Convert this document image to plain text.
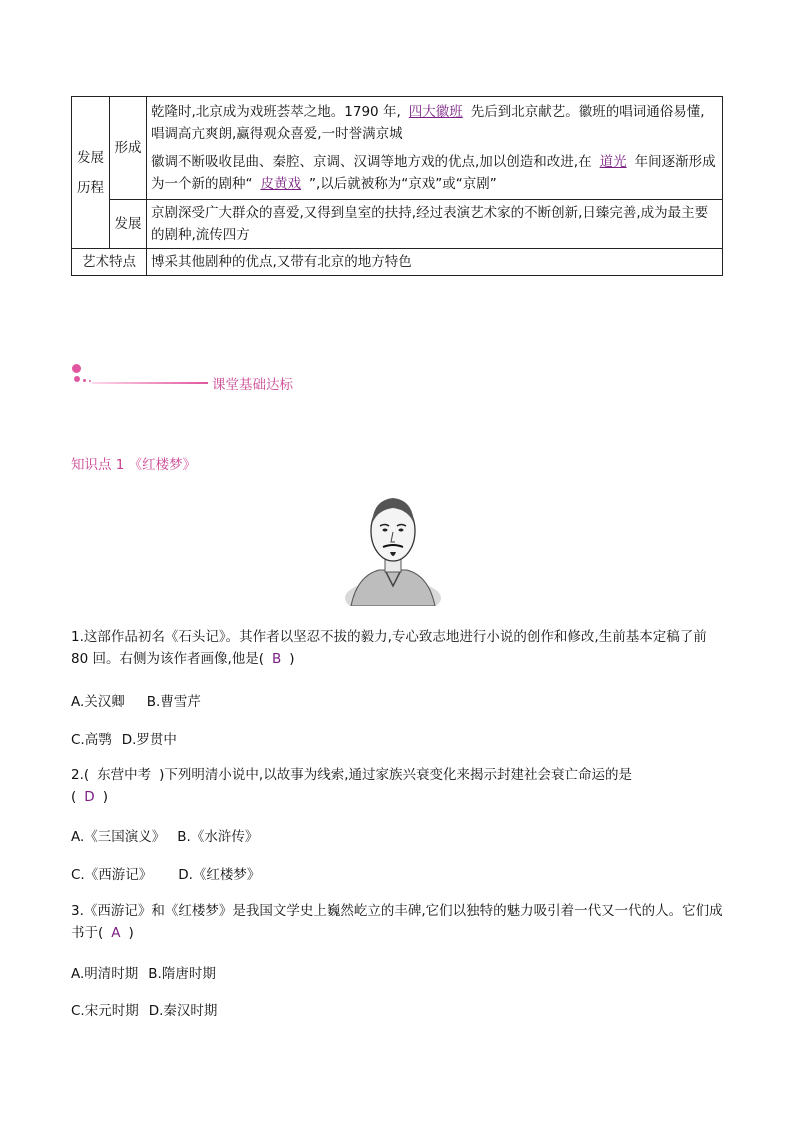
发展历程	形成	乾隆时,北京成为戏班荟萃之地。1790 年, 四大徽班 先后到北京献艺。徽班的唱词通俗易懂,唱调高亢爽朗,赢得观众喜爱,一时誉满京城
徽调不断吸收昆曲、秦腔、京调、汉调等地方戏的优点,加以创造和改进,在 道光 年间逐渐形成为一个新的剧种“ 皮黄戏 ”,以后就被称为“京戏”或“京剧”

	发展	京剧深受广大群众的喜爱,又得到皇室的扶持,经过表演艺术家的不断创新,日臻完善,成为最主要的剧种,流传四方
艺术特点		博采其他剧种的优点,又带有北京的地方特色
课堂基础达标
知识点 1 《红楼梦》
1.这部作品初名《石头记》。其作者以坚忍不拔的毅力,专心致志地进行小说的创作和修改,生前基本定稿了前 80 回。右侧为该作者画像,他是( B )
A.关汉卿 B.曹雪芹
C.高鹗 D.罗贯中
2.( 东营中考 )下列明清小说中,以故事为线索,通过家族兴衰变化来揭示封建社会衰亡命运的是
( D )
A.《三国演义》 B.《水浒传》
C.《西游记》 D.《红楼梦》
3.《西游记》和《红楼梦》是我国文学史上巍然屹立的丰碑,它们以独特的魅力吸引着一代又一代的人。它们成书于( A )
A.明清时期 B.隋唐时期
C.宋元时期 D.秦汉时期
